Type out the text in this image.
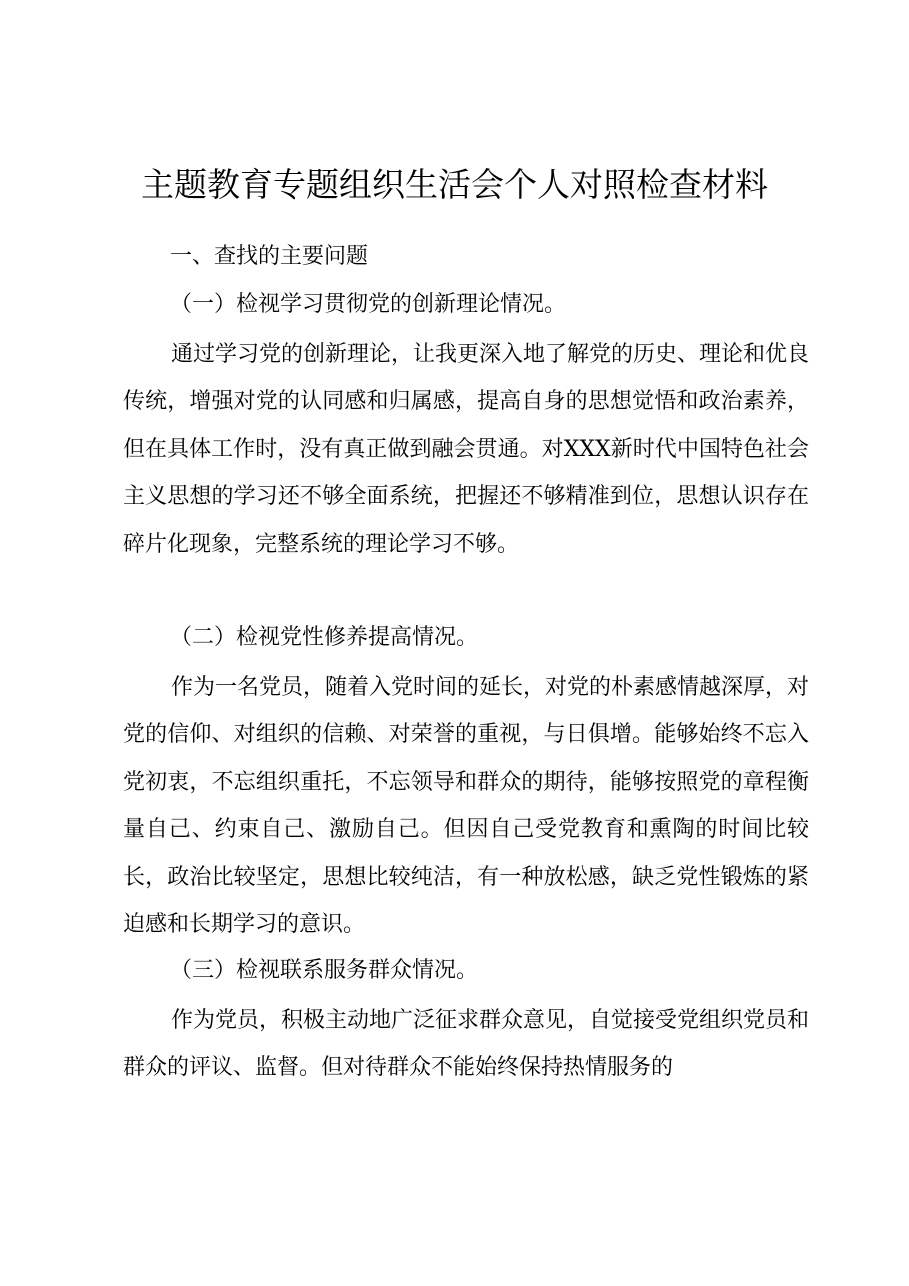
主题教育专题组织生活会个人对照检查材料
一、查找的主要问题
（一）检视学习贯彻党的创新理论情况。
通过学习党的创新理论，让我更深入地了解党的历史、理论和优良传统，增强对党的认同感和归属感，提高自身的思想觉悟和政治素养，但在具体工作时，没有真正做到融会贯通。对XXX新时代中国特色社会主义思想的学习还不够全面系统，把握还不够精准到位，思想认识存在碎片化现象，完整系统的理论学习不够。
（二）检视党性修养提高情况。
作为一名党员，随着入党时间的延长，对党的朴素感情越深厚，对党的信仰、对组织的信赖、对荣誉的重视，与日俱增。能够始终不忘入党初衷，不忘组织重托，不忘领导和群众的期待，能够按照党的章程衡量自己、约束自己、激励自己。但因自己受党教育和熏陶的时间比较长，政治比较坚定，思想比较纯洁，有一种放松感，缺乏党性锻炼的紧迫感和长期学习的意识。
（三）检视联系服务群众情况。
作为党员，积极主动地广泛征求群众意见，自觉接受党组织党员和群众的评议、监督。但对待群众不能始终保持热情服务的
